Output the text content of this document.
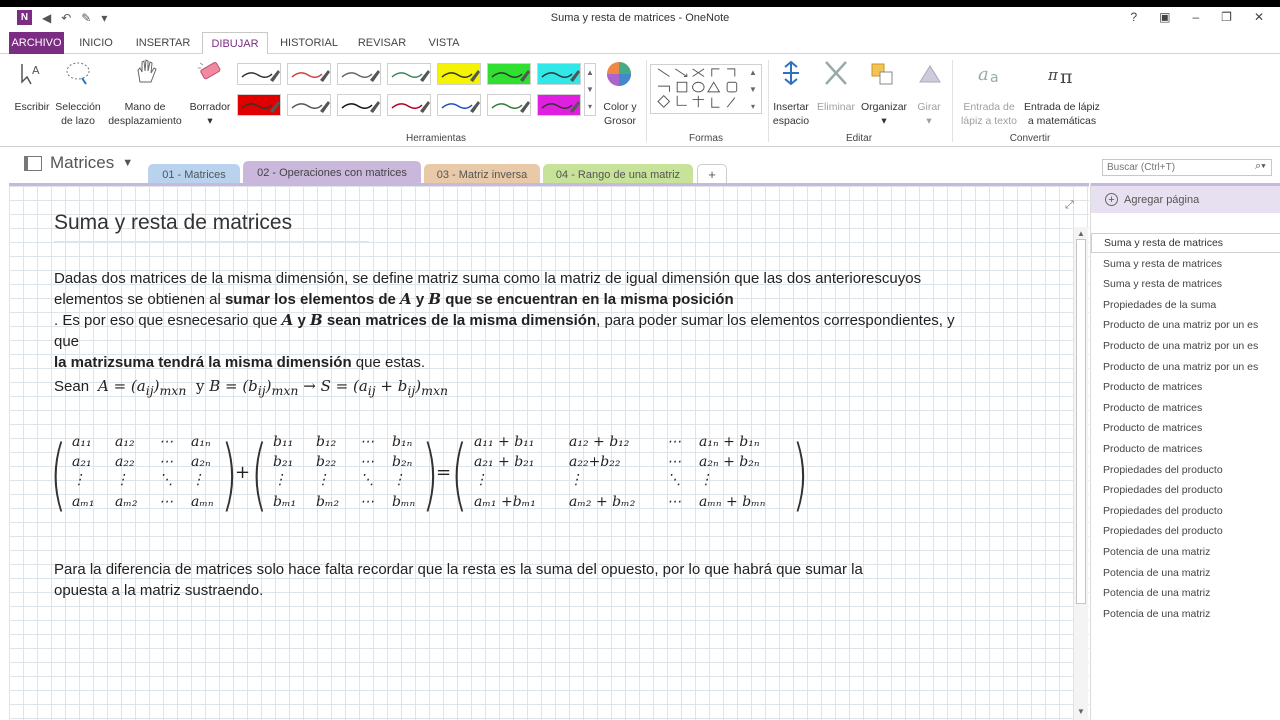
N	◀ ↶ ✎ ▾	Suma y resta de matrices - OneNote	? ▣ – ❐ ✕
ARCHIVO	INICIO	INSERTAR	DIBUJAR	HISTORIAL	REVISAR	VISTA
A
Escribir Selección
de lazo
Mano de
desplazamiento
Borrador
▾
▲
▼
▾	Color y
Grosor
Herramientas
▲
▼
▾
Formas
Insertar
espacio
Eliminar Organizar
▾
Girar
▾
Editar
a a
Entrada de
lápiz a texto
π π
Entrada de lápiz
a matemáticas
Convertir
Matrices ▼
01 - Matrices	02 - Operaciones con matrices	03 - Matriz inversa	04 - Rango de una matriz	+
Buscar (Ctrl+T)
⌕▾
Suma y resta de matrices
⤢
Dadas dos matrices de la misma dimensión, se define matriz suma como la matriz de igual dimensión que las dos anteriorescuyos elementos se obtienen al sumar los elementos de A y B que se encuentran en la misma posición
. Es por eso que esnecesario que A y B sean matrices de la misma dimensión, para poder sumar los elementos correspondientes, y que
la matrizsuma tendrá la misma dimensión que estas.
Sean  $A = (a_{ij})_{mxn}$ y $B = (b_{ij})_{mxn} \to S = (a_{ij} + b_{ij})_{mxn}$
( )
a₁₁ a₁₂ ⋯ a₁ₙ
a₂₁ a₂₂ ⋯ a₂ₙ
⋮ ⋮ ⋱ ⋮
aₘ₁ aₘ₂ ⋯ aₘₙ
+ ( )
b₁₁ b₁₂ ⋯ b₁ₙ
b₂₁ b₂₂ ⋯ b₂ₙ
⋮ ⋮ ⋱ ⋮
bₘ₁ bₘ₂ ⋯ bₘₙ
= (	)
a₁₁ + b₁₁ a₁₂ + b₁₂	⋯ a₁ₙ + b₁ₙ
a₂₁ + b₂₁ a₂₂+b₂₂	⋯ a₂ₙ + b₂ₙ
⋮	⋮	⋱ ⋮
aₘ₁ +bₘ₁ aₘ₂ + bₘ₂ ⋯ aₘₙ + bₘₙ
Para la diferencia de matrices solo hace falta recordar que la resta es la suma del opuesto, por lo que habrá que sumar la
opuesta a la matriz sustraendo.
▲
▼
+ Agregar página
Suma y resta de matrices
Suma y resta de matrices
Suma y resta de matrices
Propiedades de la suma
Producto de una matriz por un es
Producto de una matriz por un es
Producto de una matriz por un es
Producto de matrices
Producto de matrices
Producto de matrices
Producto de matrices
Propiedades del producto
Propiedades del producto
Propiedades del producto
Propiedades del producto
Potencia de una matriz
Potencia de una matriz
Potencia de una matriz
Potencia de una matriz
